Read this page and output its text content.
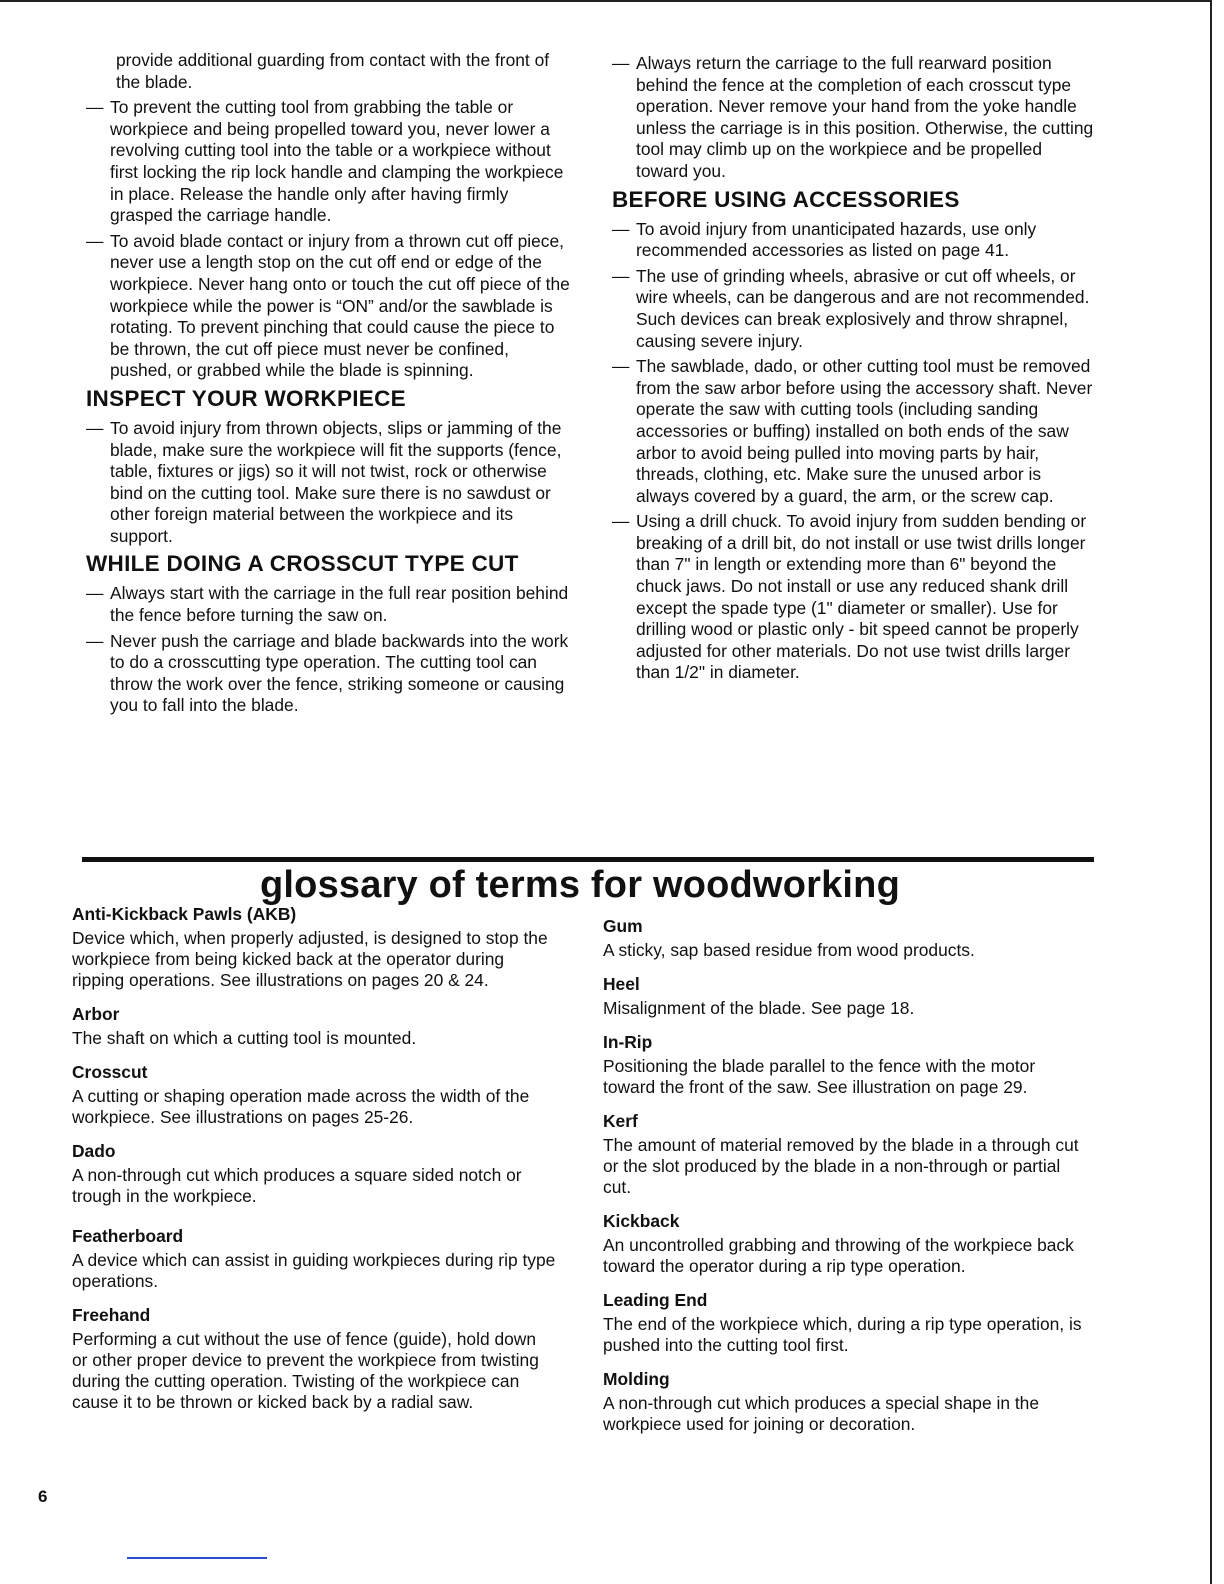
provide additional guarding from contact with the front of the blade.
— To prevent the cutting tool from grabbing the table or workpiece and being propelled toward you, never lower a revolving cutting tool into the table or a workpiece without first locking the rip lock handle and clamping the workpiece in place. Release the handle only after having firmly grasped the carriage handle.
— To avoid blade contact or injury from a thrown cut off piece, never use a length stop on the cut off end or edge of the workpiece. Never hang onto or touch the cut off piece of the workpiece while the power is “ON” and/or the sawblade is rotating. To prevent pinching that could cause the piece to be thrown, the cut off piece must never be confined, pushed, or grabbed while the blade is spinning.
INSPECT YOUR WORKPIECE
— To avoid injury from thrown objects, slips or jamming of the blade, make sure the workpiece will fit the supports (fence, table, fixtures or jigs) so it will not twist, rock or otherwise bind on the cutting tool. Make sure there is no sawdust or other foreign material between the workpiece and its support.
WHILE DOING A CROSSCUT TYPE CUT
— Always start with the carriage in the full rear position behind the fence before turning the saw on.
— Never push the carriage and blade backwards into the work to do a crosscutting type operation. The cutting tool can throw the work over the fence, striking someone or causing you to fall into the blade.
— Always return the carriage to the full rearward position behind the fence at the completion of each crosscut type operation. Never remove your hand from the yoke handle unless the carriage is in this position. Otherwise, the cutting tool may climb up on the workpiece and be propelled toward you.
BEFORE USING ACCESSORIES
— To avoid injury from unanticipated hazards, use only recommended accessories as listed on page 41.
— The use of grinding wheels, abrasive or cut off wheels, or wire wheels, can be dangerous and are not recommended. Such devices can break explosively and throw shrapnel, causing severe injury.
— The sawblade, dado, or other cutting tool must be removed from the saw arbor before using the accessory shaft. Never operate the saw with cutting tools (including sanding accessories or buffing) installed on both ends of the saw arbor to avoid being pulled into moving parts by hair, threads, clothing, etc. Make sure the unused arbor is always covered by a guard, the arm, or the screw cap.
— Using a drill chuck. To avoid injury from sudden bending or breaking of a drill bit, do not install or use twist drills longer than 7" in length or extending more than 6" beyond the chuck jaws. Do not install or use any reduced shank drill except the spade type (1" diameter or smaller). Use for drilling wood or plastic only - bit speed cannot be properly adjusted for other materials. Do not use twist drills larger than 1/2" in diameter.
glossary of terms for woodworking
Anti-Kickback Pawls (AKB)
Device which, when properly adjusted, is designed to stop the workpiece from being kicked back at the operator during ripping operations. See illustrations on pages 20 & 24.
Arbor
The shaft on which a cutting tool is mounted.
Crosscut
A cutting or shaping operation made across the width of the workpiece. See illustrations on pages 25-26.
Dado
A non-through cut which produces a square sided notch or trough in the workpiece.
Featherboard
A device which can assist in guiding workpieces during rip type operations.
Freehand
Performing a cut without the use of fence (guide), hold down or other proper device to prevent the workpiece from twisting during the cutting operation. Twisting of the workpiece can cause it to be thrown or kicked back by a radial saw.
Gum
A sticky, sap based residue from wood products.
Heel
Misalignment of the blade. See page 18.
In-Rip
Positioning the blade parallel to the fence with the motor toward the front of the saw. See illustration on page 29.
Kerf
The amount of material removed by the blade in a through cut or the slot produced by the blade in a non-through or partial cut.
Kickback
An uncontrolled grabbing and throwing of the workpiece back toward the operator during a rip type operation.
Leading End
The end of the workpiece which, during a rip type operation, is pushed into the cutting tool first.
Molding
A non-through cut which produces a special shape in the workpiece used for joining or decoration.
6
